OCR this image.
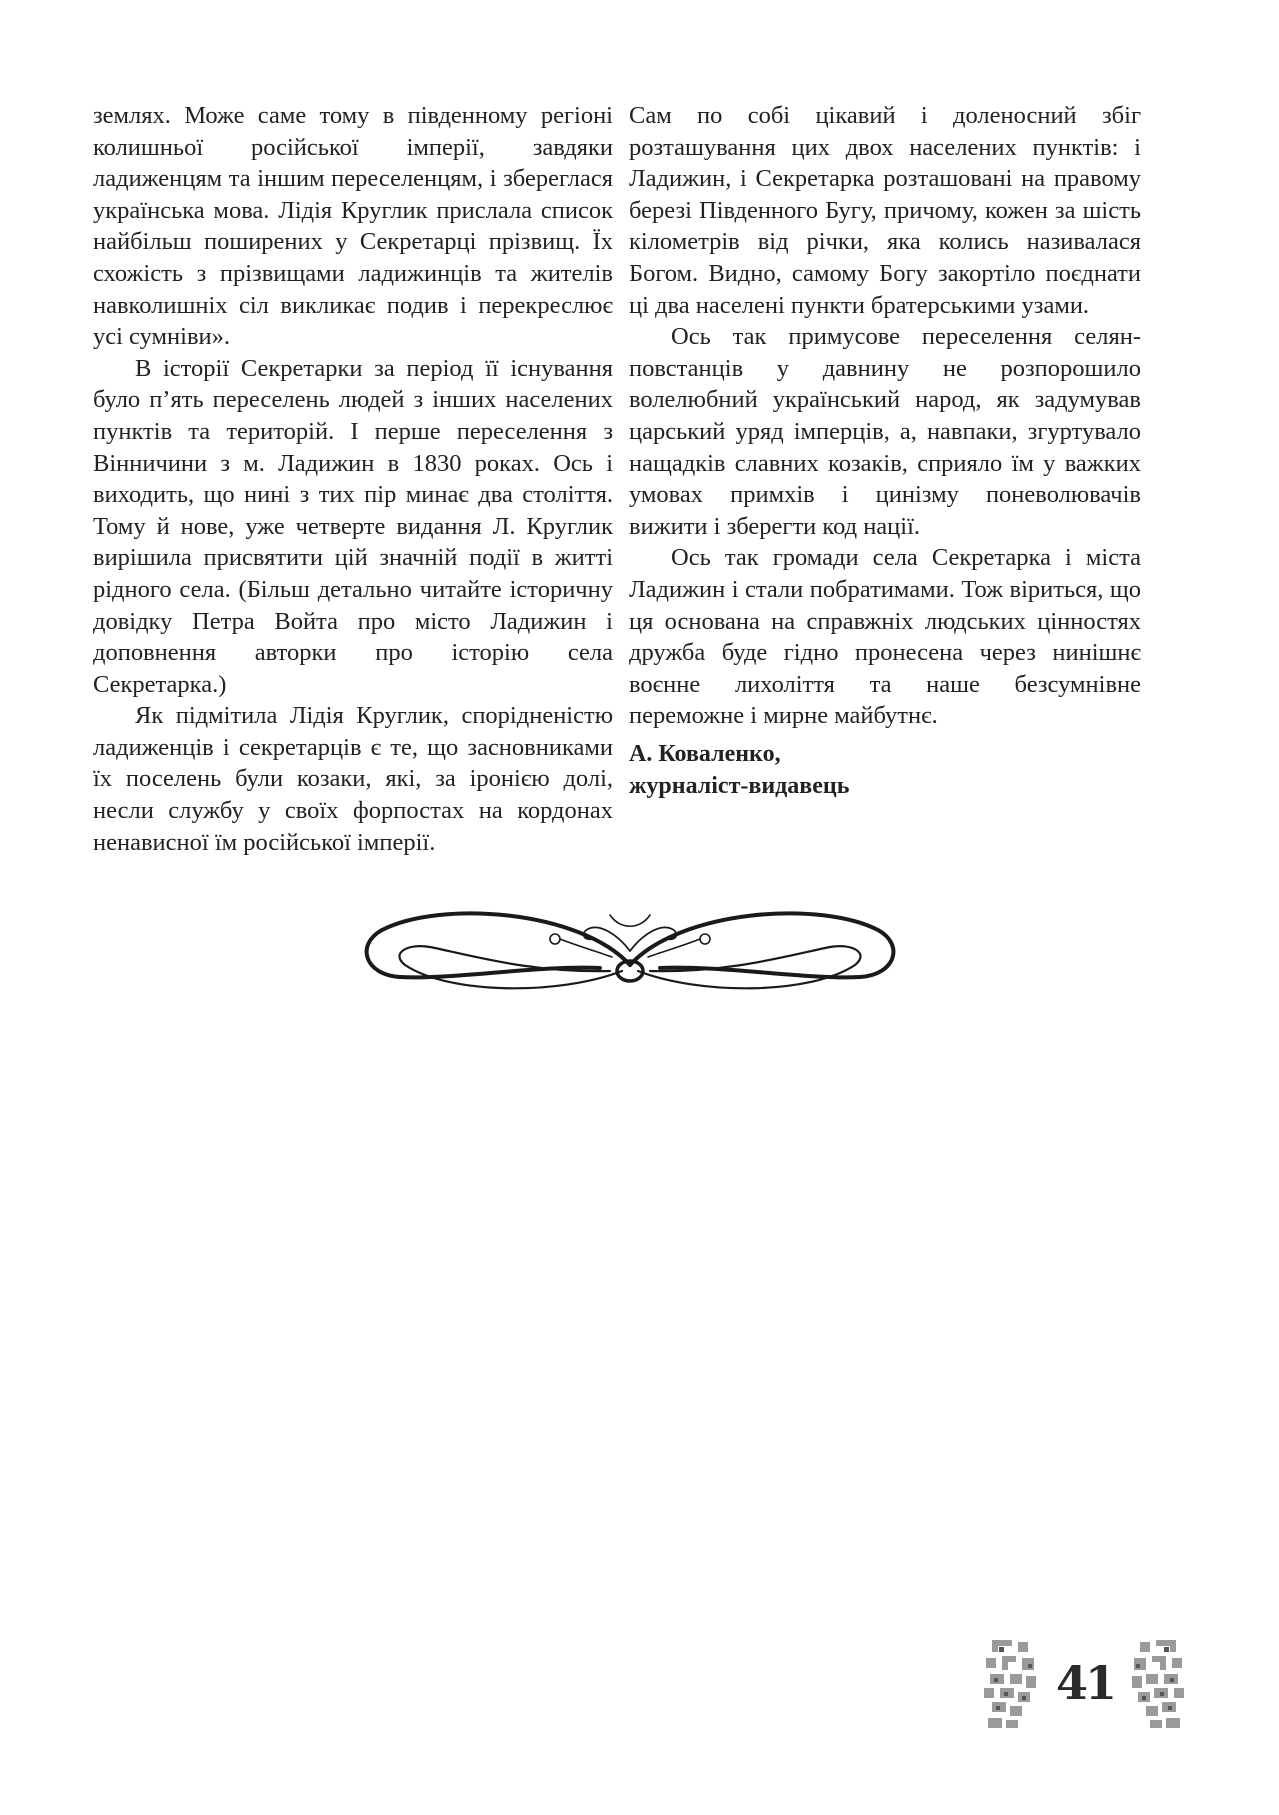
землях. Може саме тому в південному регіоні колишньої російської імперії, завдяки ладиженцям та іншим переселенцям, і збереглася українська мова. Лідія Круглик прислала список найбільш поширених у Секретарці прізвищ. Їх схожість з прізвищами ладижинців та жителів навколишніх сіл викликає подив і перекреслює усі сумніви».

В історії Секретарки за період її існування було п’ять переселень людей з інших населених пунктів та територій. І перше переселення з Вінничини з м. Ладижин в 1830 роках. Ось і виходить, що нині з тих пір минає два століття. Тому й нове, уже четверте видання Л. Круглик вирішила присвятити цій значній події в житті рідного села. (Більш детально читайте історичну довідку Петра Войта про місто Ладижин і доповнення авторки про історію села Секретарка.)

Як підмітила Лідія Круглик, спорідненістю ладиженців і секретарців є те, що засновниками їх поселень були козаки, які, за іронією долі, несли службу у своїх форпостах на кордонах ненависної їм російської імперії.

Сам по собі цікавий і доленосний збіг розташування цих двох населених пунктів: і Ладижин, і Секретарка розташовані на правому березі Південного Бугу, причому, кожен за шість кілометрів від річки, яка колись називалася Богом. Видно, самому Богу закортіло поєднати ці два населені пункти братерськими узами.

Ось так примусове переселення селян-повстанців у давнину не розпорошило волелюбний український народ, як задумував царський уряд імперців, а, навпаки, згуртувало нащадків славних козаків, сприяло їм у важких умовах примхів і цинізму поневолювачів вижити і зберегти код нації.

Ось так громади села Секретарка і міста Ладижин і стали побратимами. Тож віриться, що ця основана на справжніх людських цінностях дружба буде гідно пронесена через нинішнє воєнне лихоліття та наше безсумнівне переможне і мирне майбутнє.

А. Коваленко,
журналіст-видавець
41
